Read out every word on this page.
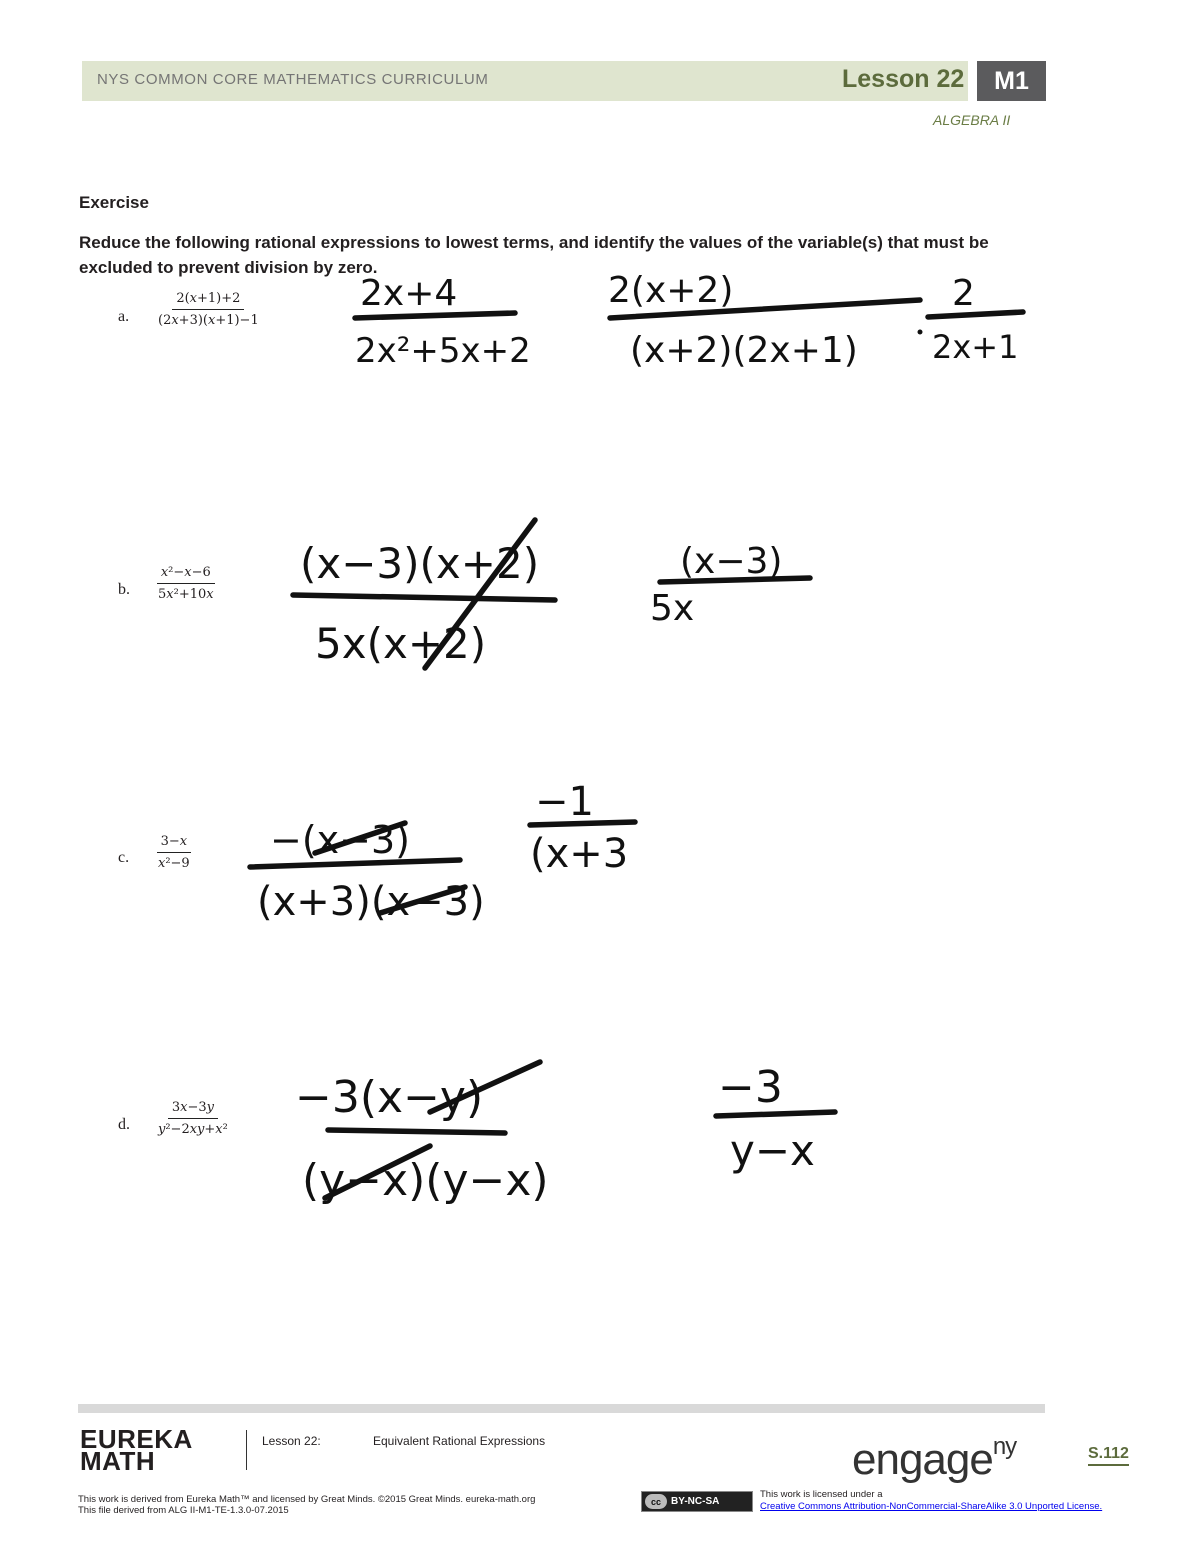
NYS COMMON CORE MATHEMATICS CURRICULUM	Lesson 22	M1
ALGEBRA II
Exercise
Reduce the following rational expressions to lowest terms, and identify the values of the variable(s) that must be excluded to prevent division by zero.
a.
2(𝑥+1)+2
(2𝑥+3)(𝑥+1)−1
2x+4
2x²+5x+2
2(x+2)
(x+2)(2x+1)
2
2x+1
b.
𝑥²−𝑥−6
5𝑥²+10𝑥
(x−3)(x+2)
5x(x+2)
(x−3)
5x
c.
3−𝑥
𝑥²−9
−(x−3)
(x+3)(x−3)
−1
(x+3
d.
3𝑥−3𝑦
𝑦²−2𝑥𝑦+𝑥²
−3(x−y)
(y−x)(y−x)
−3
y−x
EUREKA
MATH
Lesson 22:	Equivalent Rational Expressions	engage$^{ny}$	S.112
This work is derived from Eureka Math™ and licensed by Great Minds. ©2015 Great Minds. eureka-math.org
This file derived from ALG II-M1-TE-1.3.0-07.2015
cc	BY-NC-SA
This work is licensed under a
Creative Commons Attribution-NonCommercial-ShareAlike 3.0 Unported License.
